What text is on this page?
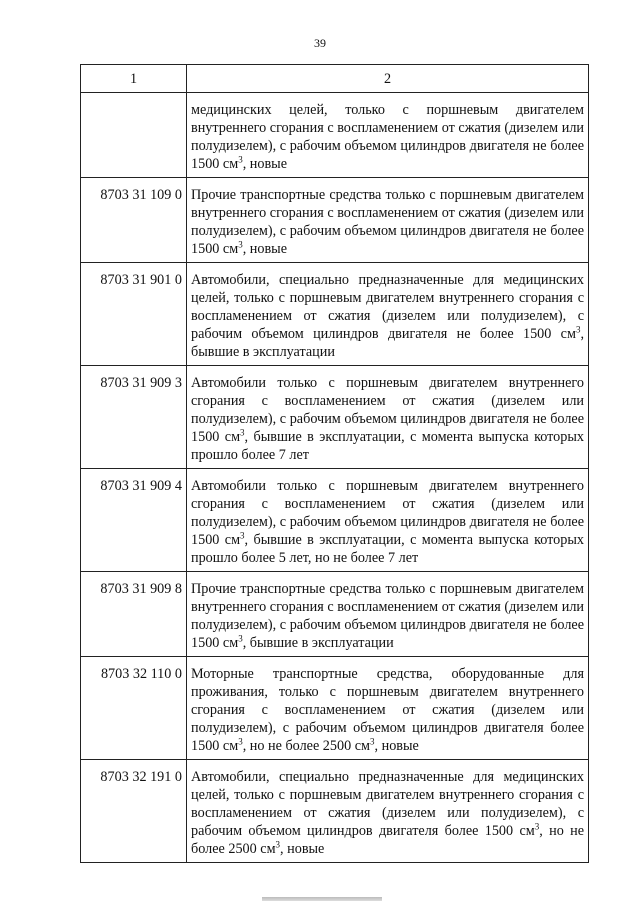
39
1	2
	медицинских целей, только с поршневым двигателем внутреннего сгорания с воспламенением от сжатия (дизелем или полудизелем), с рабочим объемом цилиндров двигателя не более 1500 $см^3$, новые
8703 31 109 0	Прочие транспортные средства только с поршневым двигателем внутреннего сгорания с воспламенением от сжатия (дизелем или полудизелем), с рабочим объемом цилиндров двигателя не более 1500 $см^3$, новые
8703 31 901 0	Автомобили, специально предназначенные для медицинских целей, только с поршневым двигателем внутреннего сгорания с воспламенением от сжатия (дизелем или полудизелем), с рабочим объемом цилиндров двигателя не более 1500 $см^3$, бывшие в эксплуатации
8703 31 909 3	Автомобили только с поршневым двигателем внутреннего сгорания с воспламенением от сжатия (дизелем или полудизелем), с рабочим объемом цилиндров двигателя не более 1500 $см^3$, бывшие в эксплуатации, с момента выпуска которых прошло более 7 лет
8703 31 909 4	Автомобили только с поршневым двигателем внутреннего сгорания с воспламенением от сжатия (дизелем или полудизелем), с рабочим объемом цилиндров двигателя не более 1500 $см^3$, бывшие в эксплуатации, с момента выпуска которых прошло более 5 лет, но не более 7 лет
8703 31 909 8	Прочие транспортные средства только с поршневым двигателем внутреннего сгорания с воспламенением от сжатия (дизелем или полудизелем), с рабочим объемом цилиндров двигателя не более 1500 $см^3$, бывшие в эксплуатации
8703 32 110 0	Моторные транспортные средства, оборудованные для проживания, только с поршневым двигателем внутреннего сгорания с воспламенением от сжатия (дизелем или полудизелем), с рабочим объемом цилиндров двигателя более 1500 $см^3$, но не более 2500 $см^3$, новые
8703 32 191 0	Автомобили, специально предназначенные для медицинских целей, только с поршневым двигателем внутреннего сгорания с воспламенением от сжатия (дизелем или полудизелем), с рабочим объемом цилиндров двигателя более 1500 $см^3$, но не более 2500 $см^3$, новые
